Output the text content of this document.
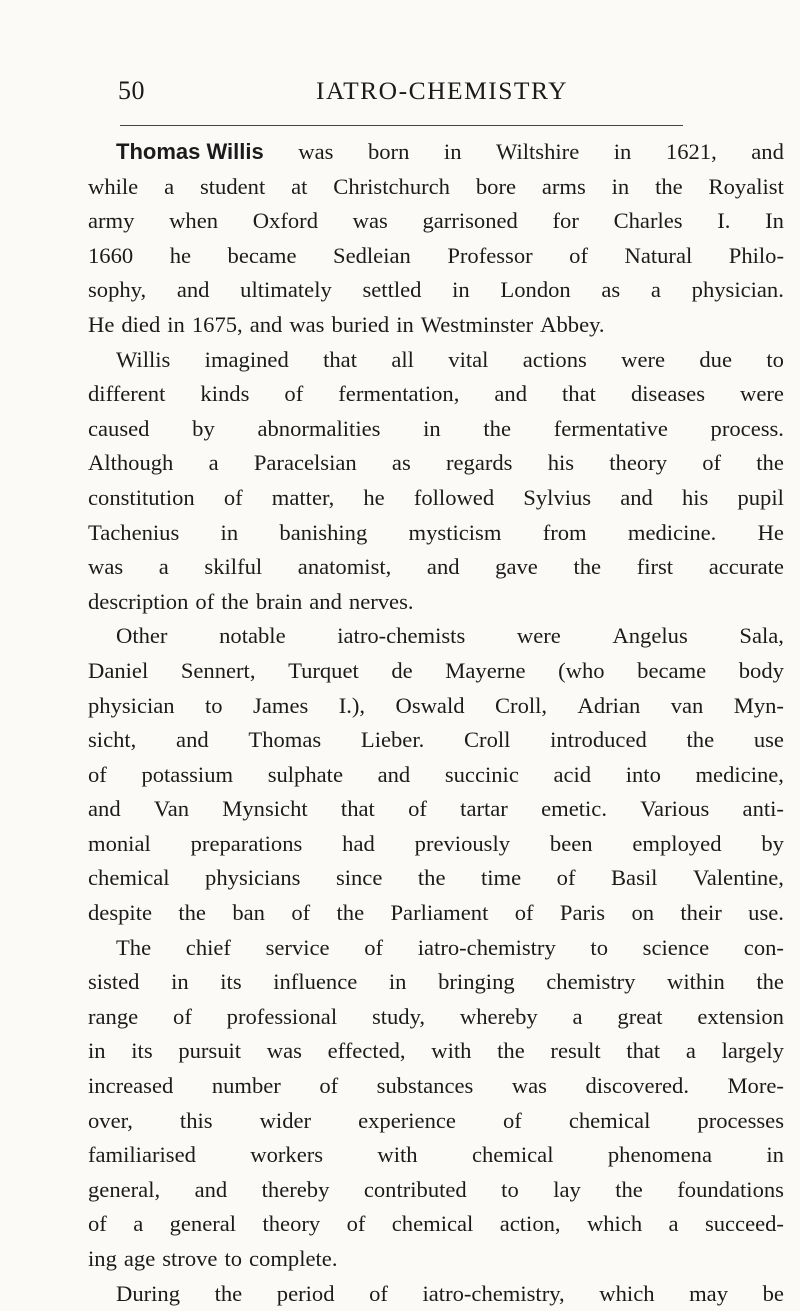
50	IATRO-CHEMISTRY
Thomas Willis was born in Wiltshire in 1621, and
while a student at Christchurch bore arms in the Royalist
army when Oxford was garrisoned for Charles I. In
1660 he became Sedleian Professor of Natural Philo-
sophy, and ultimately settled in London as a physician.
He died in 1675, and was buried in Westminster Abbey.
Willis imagined that all vital actions were due to
different kinds of fermentation, and that diseases were
caused by abnormalities in the fermentative process.
Although a Paracelsian as regards his theory of the
constitution of matter, he followed Sylvius and his pupil
Tachenius in banishing mysticism from medicine. He
was a skilful anatomist, and gave the first accurate
description of the brain and nerves.
Other notable iatro-chemists were Angelus Sala,
Daniel Sennert, Turquet de Mayerne (who became body
physician to James I.), Oswald Croll, Adrian van Myn-
sicht, and Thomas Lieber. Croll introduced the use
of potassium sulphate and succinic acid into medicine,
and Van Mynsicht that of tartar emetic. Various anti-
monial preparations had previously been employed by
chemical physicians since the time of Basil Valentine,
despite the ban of the Parliament of Paris on their use.
The chief service of iatro-chemistry to science con-
sisted in its influence in bringing chemistry within the
range of professional study, whereby a great extension
in its pursuit was effected, with the result that a largely
increased number of substances was discovered. More-
over, this wider experience of chemical processes
familiarised workers with chemical phenomena in
general, and thereby contributed to lay the foundations
of a general theory of chemical action, which a succeed-
ing age strove to complete.
During the period of iatro-chemistry, which may be
